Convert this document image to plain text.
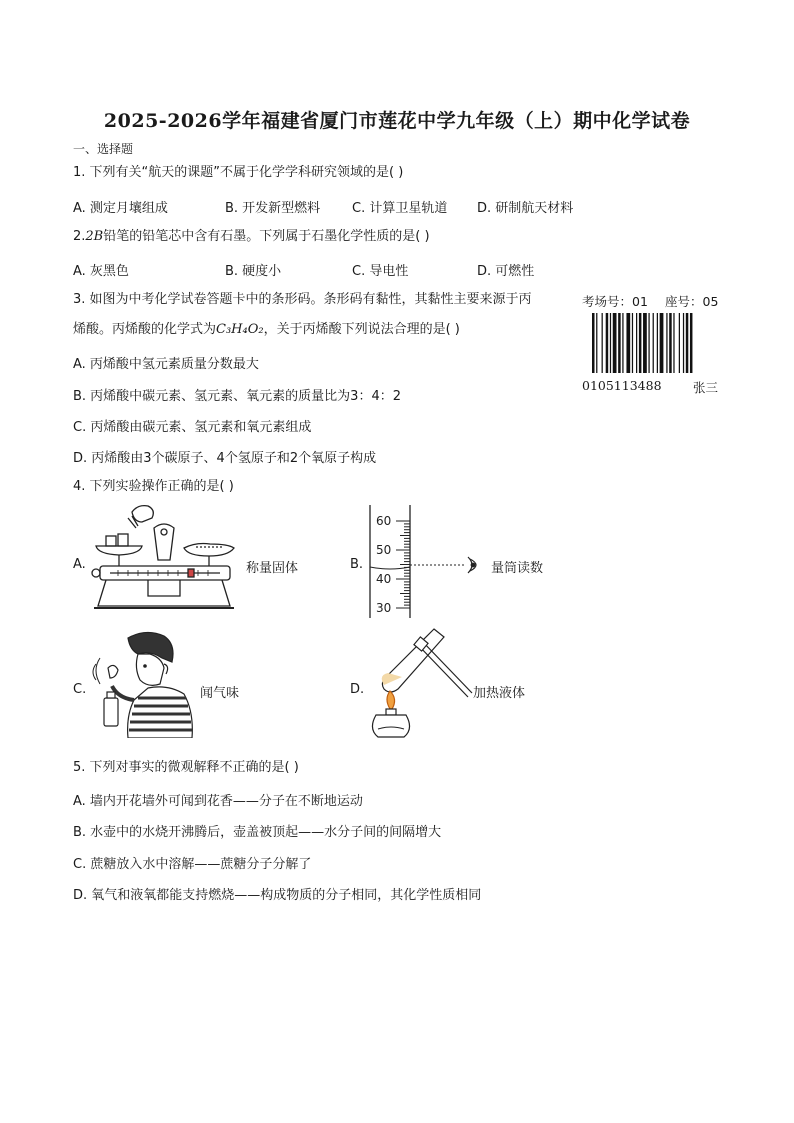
2025-2026学年福建省厦门市莲花中学九年级（上）期中化学试卷
一、选择题
1. 下列有关“航天的课题”不属于化学学科研究领域的是( )
A. 测定月壤组成	B. 开发新型燃料 C. 计算卫星轨道 D. 研制航天材料
2.2B铅笔的铅笔芯中含有石墨。下列属于石墨化学性质的是( )
A. 灰黑色	B. 硬度小	C. 导电性	D. 可燃性
3. 如图为中考化学试卷答题卡中的条形码。条形码有黏性，其黏性主要来源于丙
烯酸。丙烯酸的化学式为C₃H₄O₂，关于丙烯酸下列说法合理的是( )
A. 丙烯酸中氢元素质量分数最大
B. 丙烯酸中碳元素、氢元素、氧元素的质量比为3：4：2
C. 丙烯酸由碳元素、氢元素和氧元素组成
D. 丙烯酸由3个碳原子、4个氢原子和2个氧原子构成
考场号：01 座号：05
0105113488	张三
4. 下列实验操作正确的是( )
A.	称量固体	B.
60
50
40
30
量筒读数
C.	闻气味	D.	加热液体
5. 下列对事实的微观解释不正确的是( )
A. 墙内开花墙外可闻到花香——分子在不断地运动
B. 水壶中的水烧开沸腾后，壶盖被顶起——水分子间的间隔增大
C. 蔗糖放入水中溶解——蔗糖分子分解了
D. 氧气和液氧都能支持燃烧——构成物质的分子相同，其化学性质相同
